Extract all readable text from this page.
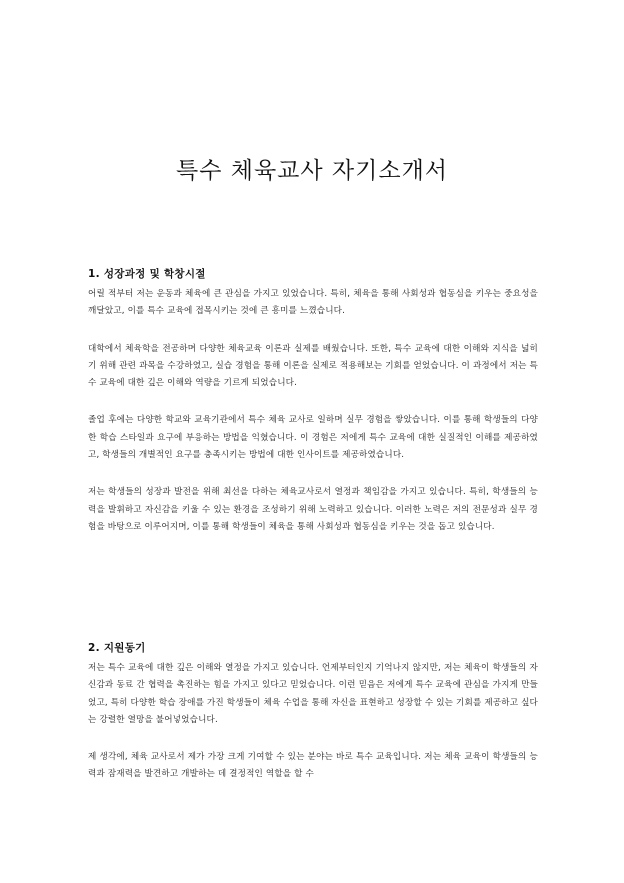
특수 체육교사 자기소개서
1. 성장과정 및 학창시절

어릴 적부터 저는 운동과 체육에 큰 관심을 가지고 있었습니다. 특히, 체육을 통해 사회성과 협동심을 키우는 중요성을 깨달았고, 이를 특수 교육에 접목시키는 것에 큰 흥미를 느꼈습니다.

대학에서 체육학을 전공하며 다양한 체육교육 이론과 실제를 배웠습니다. 또한, 특수 교육에 대한 이해와 지식을 넓히기 위해 관련 과목을 수강하였고, 실습 경험을 통해 이론을 실제로 적용해보는 기회를 얻었습니다. 이 과정에서 저는 특수 교육에 대한 깊은 이해와 역량을 기르게 되었습니다.

졸업 후에는 다양한 학교와 교육기관에서 특수 체육 교사로 일하며 실무 경험을 쌓았습니다. 이를 통해 학생들의 다양한 학습 스타일과 요구에 부응하는 방법을 익혔습니다. 이 경험은 저에게 특수 교육에 대한 실질적인 이해를 제공하였고, 학생들의 개별적인 요구를 충족시키는 방법에 대한 인사이트를 제공하였습니다.

저는 학생들의 성장과 발전을 위해 최선을 다하는 체육교사로서 열정과 책임감을 가지고 있습니다. 특히, 학생들의 능력을 발휘하고 자신감을 키울 수 있는 환경을 조성하기 위해 노력하고 있습니다. 이러한 노력은 저의 전문성과 실무 경험을 바탕으로 이루어지며, 이를 통해 학생들이 체육을 통해 사회성과 협동심을 키우는 것을 돕고 있습니다.

2. 지원동기

저는 특수 교육에 대한 깊은 이해와 열정을 가지고 있습니다. 언제부터인지 기억나지 않지만, 저는 체육이 학생들의 자신감과 동료 간 협력을 촉진하는 힘을 가지고 있다고 믿었습니다. 이런 믿음은 저에게 특수 교육에 관심을 가지게 만들었고, 특히 다양한 학습 장애를 가진 학생들이 체육 수업을 통해 자신을 표현하고 성장할 수 있는 기회를 제공하고 싶다는 강렬한 열망을 불어넣었습니다.

제 생각에, 체육 교사로서 제가 가장 크게 기여할 수 있는 분야는 바로 특수 교육입니다. 저는 체육 교육이 학생들의 능력과 잠재력을 발견하고 개발하는 데 결정적인 역할을 할 수
